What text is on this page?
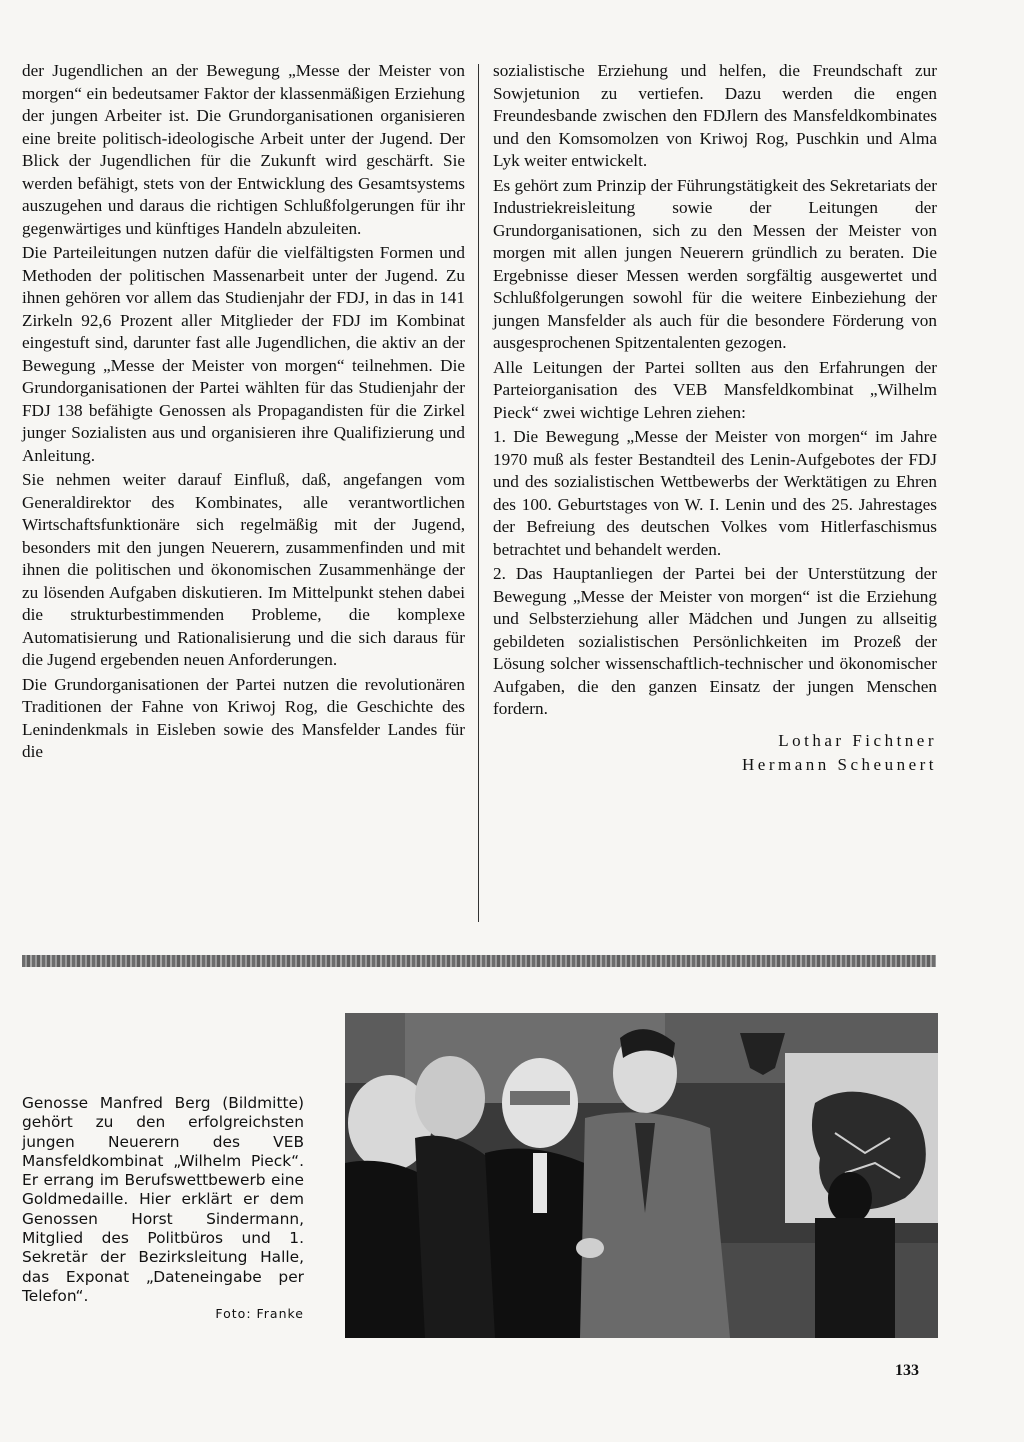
der Jugendlichen an der Bewegung „Messe der Meister von morgen“ ein bedeutsamer Faktor der klassenmäßigen Erziehung der jungen Arbeiter ist. Die Grundorganisationen organisieren eine breite politisch-ideologische Arbeit unter der Jugend. Der Blick der Jugendlichen für die Zukunft wird geschärft. Sie werden befähigt, stets von der Entwicklung des Gesamtsystems auszugehen und daraus die richtigen Schlußfolgerungen für ihr gegenwärtiges und künftiges Handeln abzuleiten.

Die Parteileitungen nutzen dafür die vielfältigsten Formen und Methoden der politischen Massenarbeit unter der Jugend. Zu ihnen gehören vor allem das Studienjahr der FDJ, in das in 141 Zirkeln 92,6 Prozent aller Mitglieder der FDJ im Kombinat eingestuft sind, darunter fast alle Jugendlichen, die aktiv an der Bewegung „Messe der Meister von morgen“ teilnehmen. Die Grundorganisationen der Partei wählten für das Studienjahr der FDJ 138 befähigte Genossen als Propagandisten für die Zirkel junger Sozialisten aus und organisieren ihre Qualifizierung und Anleitung.

Sie nehmen weiter darauf Einfluß, daß, angefangen vom Generaldirektor des Kombinates, alle verantwortlichen Wirtschaftsfunktionäre sich regelmäßig mit der Jugend, besonders mit den jungen Neuerern, zusammenfinden und mit ihnen die politischen und ökonomischen Zusammenhänge der zu lösenden Aufgaben diskutieren. Im Mittelpunkt stehen dabei die strukturbestimmenden Probleme, die komplexe Automatisierung und Rationalisierung und die sich daraus für die Jugend ergebenden neuen Anforderungen.

Die Grundorganisationen der Partei nutzen die revolutionären Traditionen der Fahne von Kriwoj Rog, die Geschichte des Lenindenkmals in Eisleben sowie des Mansfelder Landes für die

sozialistische Erziehung und helfen, die Freundschaft zur Sowjetunion zu vertiefen. Dazu werden die engen Freundesbande zwischen den FDJlern des Mansfeldkombinates und den Komsomolzen von Kriwoj Rog, Puschkin und Alma Lyk weiter entwickelt.

Es gehört zum Prinzip der Führungstätigkeit des Sekretariats der Industriekreisleitung sowie der Leitungen der Grundorganisationen, sich zu den Messen der Meister von morgen mit allen jungen Neuerern gründlich zu beraten. Die Ergebnisse dieser Messen werden sorgfältig ausgewertet und Schlußfolgerungen sowohl für die weitere Einbeziehung der jungen Mansfelder als auch für die besondere Förderung von ausgesprochenen Spitzentalenten gezogen.

Alle Leitungen der Partei sollten aus den Erfahrungen der Parteiorganisation des VEB Mansfeldkombinat „Wilhelm Pieck“ zwei wichtige Lehren ziehen:

1. Die Bewegung „Messe der Meister von morgen“ im Jahre 1970 muß als fester Bestandteil des Lenin-Aufgebotes der FDJ und des sozialistischen Wettbewerbs der Werktätigen zu Ehren des 100. Geburtstages von W. I. Lenin und des 25. Jahrestages der Befreiung des deutschen Volkes vom Hitlerfaschismus betrachtet und behandelt werden.

2. Das Hauptanliegen der Partei bei der Unterstützung der Bewegung „Messe der Meister von morgen“ ist die Erziehung und Selbsterziehung aller Mädchen und Jungen zu allseitig gebildeten sozialistischen Persönlichkeiten im Prozeß der Lösung solcher wissenschaftlich-technischer und ökonomischer Aufgaben, die den ganzen Einsatz der jungen Menschen fordern.

Lothar Fichtner
Hermann Scheunert

Genosse Manfred Berg (Bildmitte) gehört zu den erfolgreichsten jungen Neuerern des VEB Mansfeldkombinat „Wilhelm Pieck“. Er errang im Berufswettbewerb eine Goldmedaille. Hier erklärt er dem Genossen Horst Sindermann, Mitglied des Politbüros und 1. Sekretär der Bezirksleitung Halle, das Exponat „Dateneingabe per Telefon“.

Foto: Franke
133
